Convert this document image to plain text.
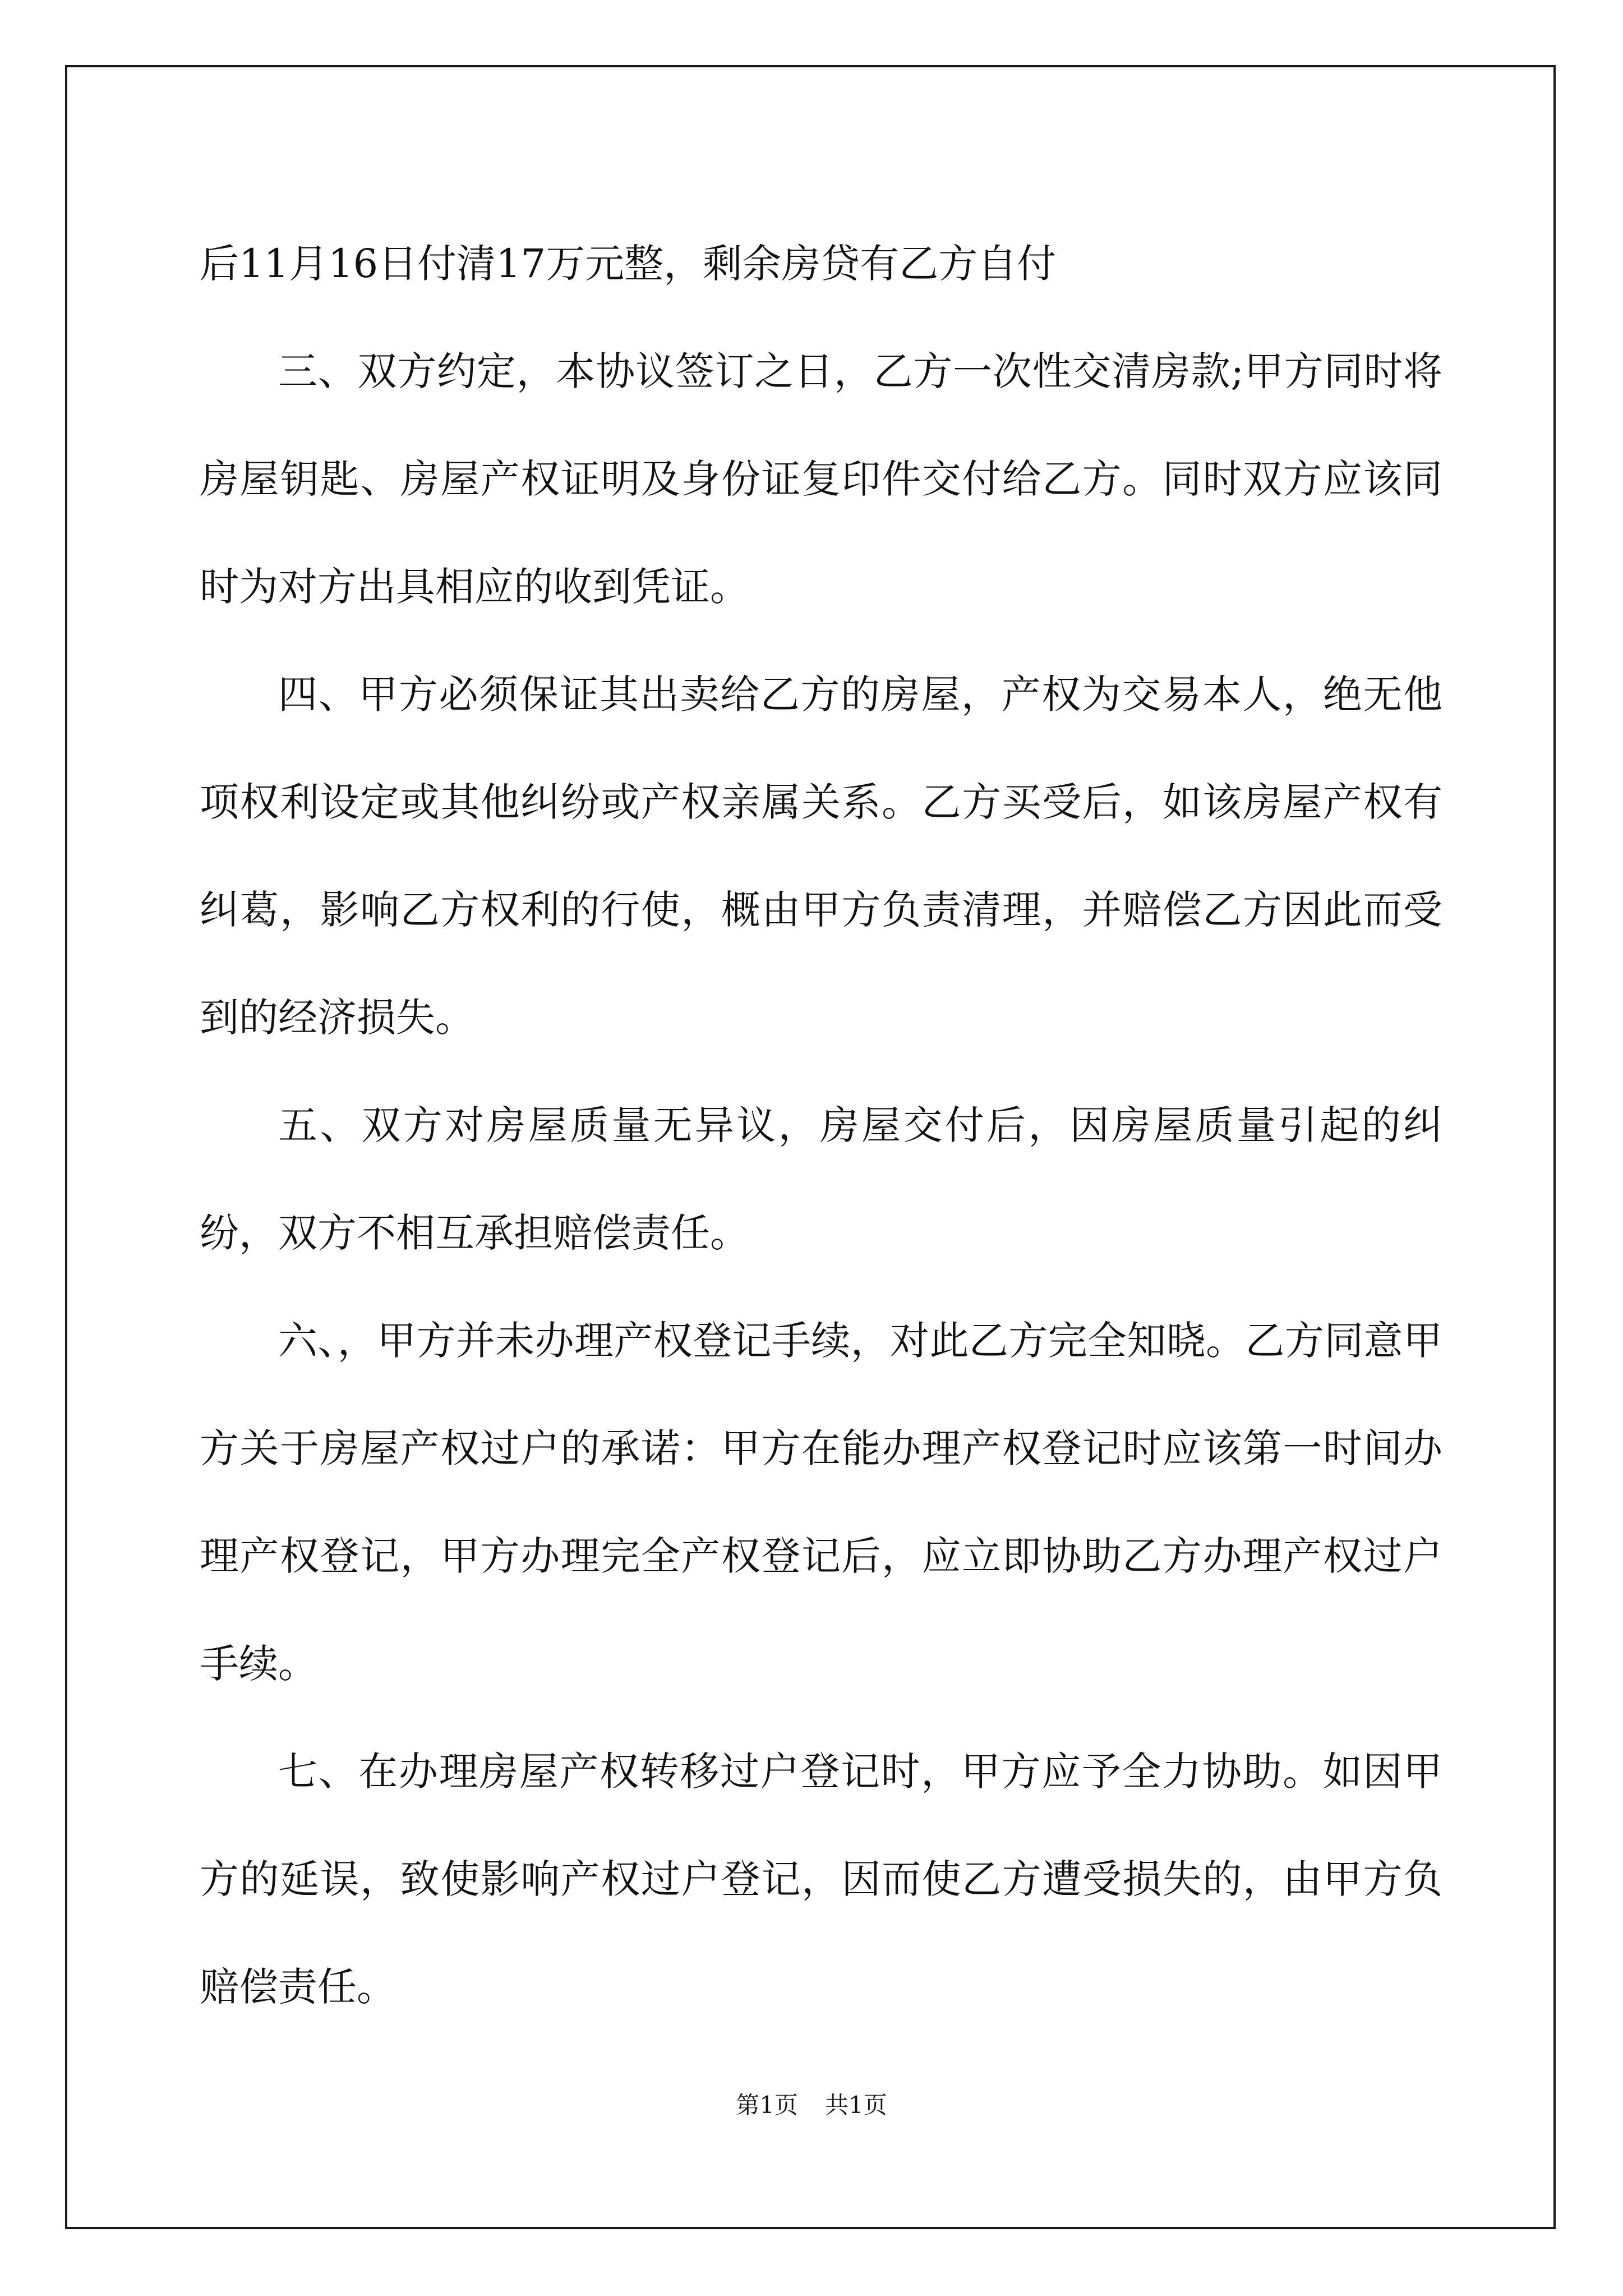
后11月16日付清17万元整，剩余房贷有乙方自付

三、双方约定，本协议签订之日，乙方一次性交清房款;甲方同时将房屋钥匙、房屋产权证明及身份证复印件交付给乙方。同时双方应该同时为对方出具相应的收到凭证。

四、甲方必须保证其出卖给乙方的房屋，产权为交易本人，绝无他项权利设定或其他纠纷或产权亲属关系。乙方买受后，如该房屋产权有纠葛，影响乙方权利的行使，概由甲方负责清理，并赔偿乙方因此而受到的经济损失。

五、双方对房屋质量无异议，房屋交付后，因房屋质量引起的纠纷，双方不相互承担赔偿责任。

六、，甲方并未办理产权登记手续，对此乙方完全知晓。乙方同意甲方关于房屋产权过户的承诺：甲方在能办理产权登记时应该第一时间办理产权登记，甲方办理完全产权登记后，应立即协助乙方办理产权过户手续。

七、在办理房屋产权转移过户登记时，甲方应予全力协助。如因甲方的延误，致使影响产权过户登记，因而使乙方遭受损失的，由甲方负赔偿责任。

第1页 共1页
